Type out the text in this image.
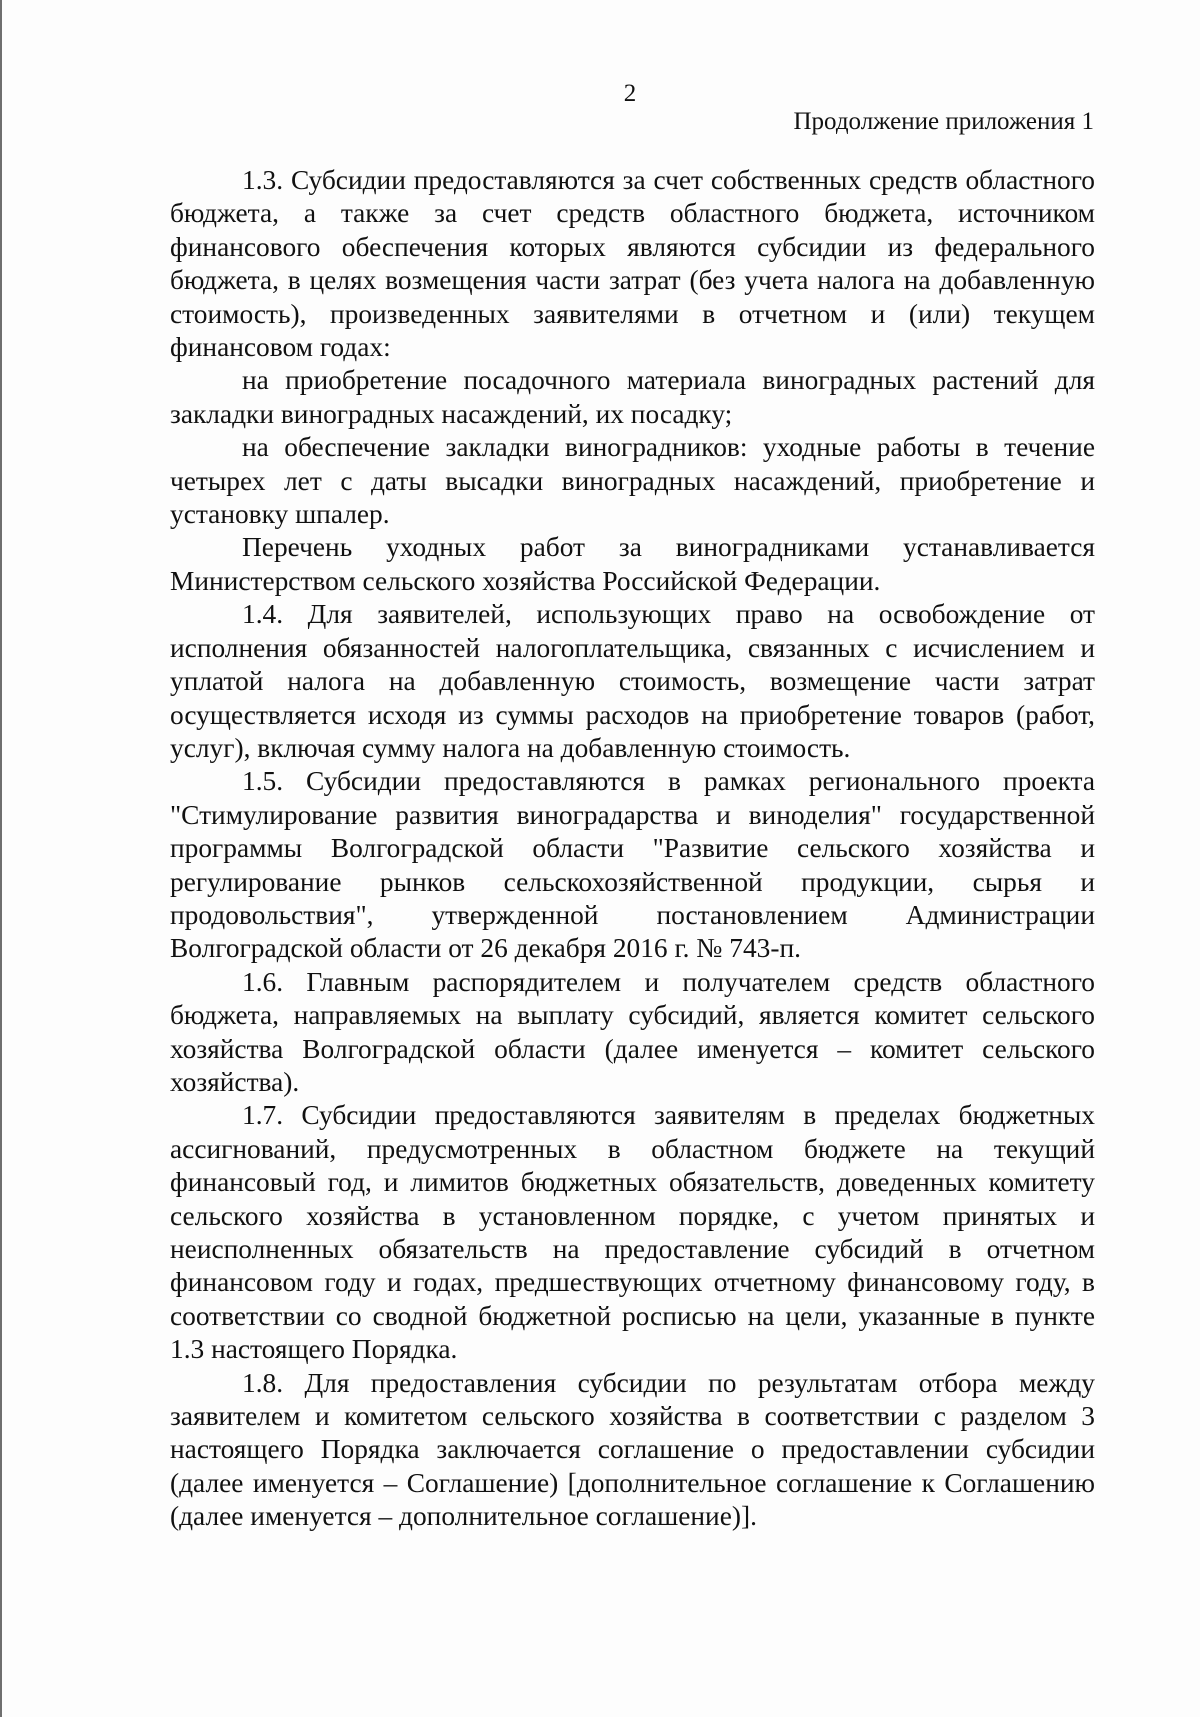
2
Продолжение приложения 1

1.3. Субсидии предоставляются за счет собственных средств областного бюджета, а также за счет средств областного бюджета, источником финансового обеспечения которых являются субсидии из федерального бюджета, в целях возмещения части затрат (без учета налога на добавленную стоимость), произведенных заявителями в отчетном и (или) текущем финансовом годах:

на приобретение посадочного материала виноградных растений для закладки виноградных насаждений, их посадку;

на обеспечение закладки виноградников: уходные работы в течение четырех лет с даты высадки виноградных насаждений, приобретение и установку шпалер.

Перечень уходных работ за виноградниками устанавливается Министерством сельского хозяйства Российской Федерации.

1.4. Для заявителей, использующих право на освобождение от исполнения обязанностей налогоплательщика, связанных с исчислением и уплатой налога на добавленную стоимость, возмещение части затрат осуществляется исходя из суммы расходов на приобретение товаров (работ, услуг), включая сумму налога на добавленную стоимость.

1.5. Субсидии предоставляются в рамках регионального проекта "Стимулирование развития виноградарства и виноделия" государственной программы Волгоградской области "Развитие сельского хозяйства и регулирование рынков сельскохозяйственной продукции, сырья и продовольствия", утвержденной постановлением Администрации Волгоградской области от 26 декабря 2016 г. № 743-п.

1.6. Главным распорядителем и получателем средств областного бюджета, направляемых на выплату субсидий, является комитет сельского хозяйства Волгоградской области (далее именуется – комитет сельского хозяйства).

1.7. Субсидии предоставляются заявителям в пределах бюджетных ассигнований, предусмотренных в областном бюджете на текущий финансовый год, и лимитов бюджетных обязательств, доведенных комитету сельского хозяйства в установленном порядке, с учетом принятых и неисполненных обязательств на предоставление субсидий в отчетном финансовом году и годах, предшествующих отчетному финансовому году, в соответствии со сводной бюджетной росписью на цели, указанные в пункте 1.3 настоящего Порядка.

1.8. Для предоставления субсидии по результатам отбора между заявителем и комитетом сельского хозяйства в соответствии с разделом 3 настоящего Порядка заключается соглашение о предоставлении субсидии (далее именуется – Соглашение) [дополнительное соглашение к Соглашению (далее именуется – дополнительное соглашение)].
